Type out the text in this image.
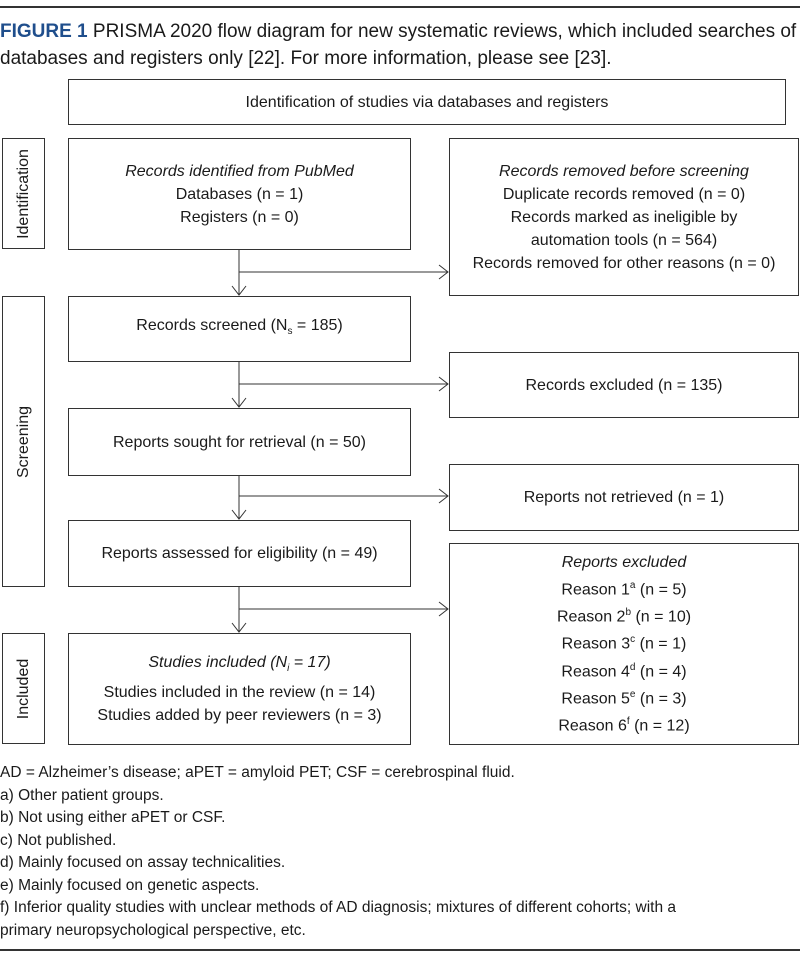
FIGURE 1 PRISMA 2020 flow diagram for new systematic reviews, which included searches of databases and registers only [22]. For more information, please see [23].
Identification of studies via databases and registers
Identification
Screening
Included
Records identified from PubMed
Databases (n = 1)
Registers (n = 0)
Records screened $(N_s = 185)$
Reports sought for retrieval (n = 50)
Reports assessed for eligibility (n = 49)
Studies included $(N_i = 17)$
Studies included in the review (n = 14)
Studies added by peer reviewers (n = 3)
Records removed before screening
Duplicate records removed (n = 0)
Records marked as ineligible by
automation tools (n = 564)
Records removed for other reasons (n = 0)
Records excluded (n = 135)
Reports not retrieved (n = 1)
Reports excluded
Reason 1$^a$ (n = 5)
Reason 2$^b$ (n = 10)
Reason 3$^c$ (n = 1)
Reason 4$^d$ (n = 4)
Reason 5e (n = 3)
Reason 6$^f$ (n = 12)
AD = Alzheimer’s disease; aPET = amyloid PET; CSF = cerebrospinal fluid.
a) Other patient groups.
b) Not using either aPET or CSF.
c) Not published.
d) Mainly focused on assay technicalities.
e) Mainly focused on genetic aspects.
f) Inferior quality studies with unclear methods of AD diagnosis; mixtures of different cohorts; with a
primary neuropsychological perspective, etc.
